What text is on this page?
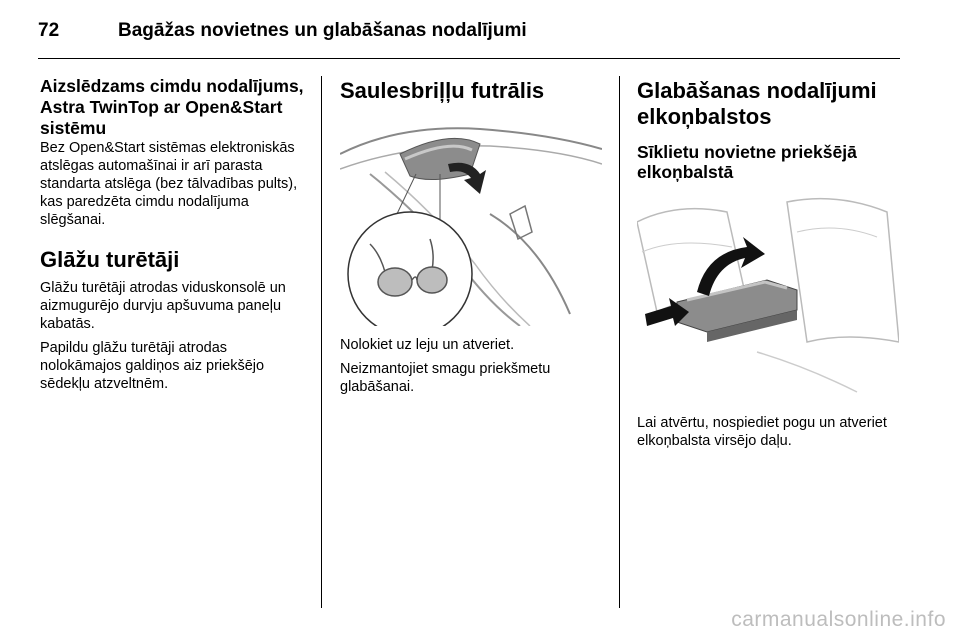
72	Bagāžas novietnes un glabāšanas nodalījumi
Aizslēdzams cimdu nodalījums, Astra TwinTop ar Open&Start sistēmu

Bez Open&Start sistēmas elektroniskās atslēgas automašīnai ir arī parasta standarta atslēga (bez tālvadības pults), kas paredzēta cimdu nodalījuma slēgšanai.

Glāžu turētāji

Glāžu turētāji atrodas viduskonsolē un aizmugurējo durvju apšuvuma paneļu kabatās.

Papildu glāžu turētāji atrodas nolokāmajos galdiņos aiz priekšējo sēdekļu atzveltnēm.

Saulesbriļļu futrālis

Nolokiet uz leju un atveriet.

Neizmantojiet smagu priekšmetu glabāšanai.

Glabāšanas nodalījumi elkoņbalstos
Sīklietu novietne priekšējā elkoņbalstā

Lai atvērtu, nospiediet pogu un atveriet elkoņbalsta virsējo daļu.

carmanualsonline.info
